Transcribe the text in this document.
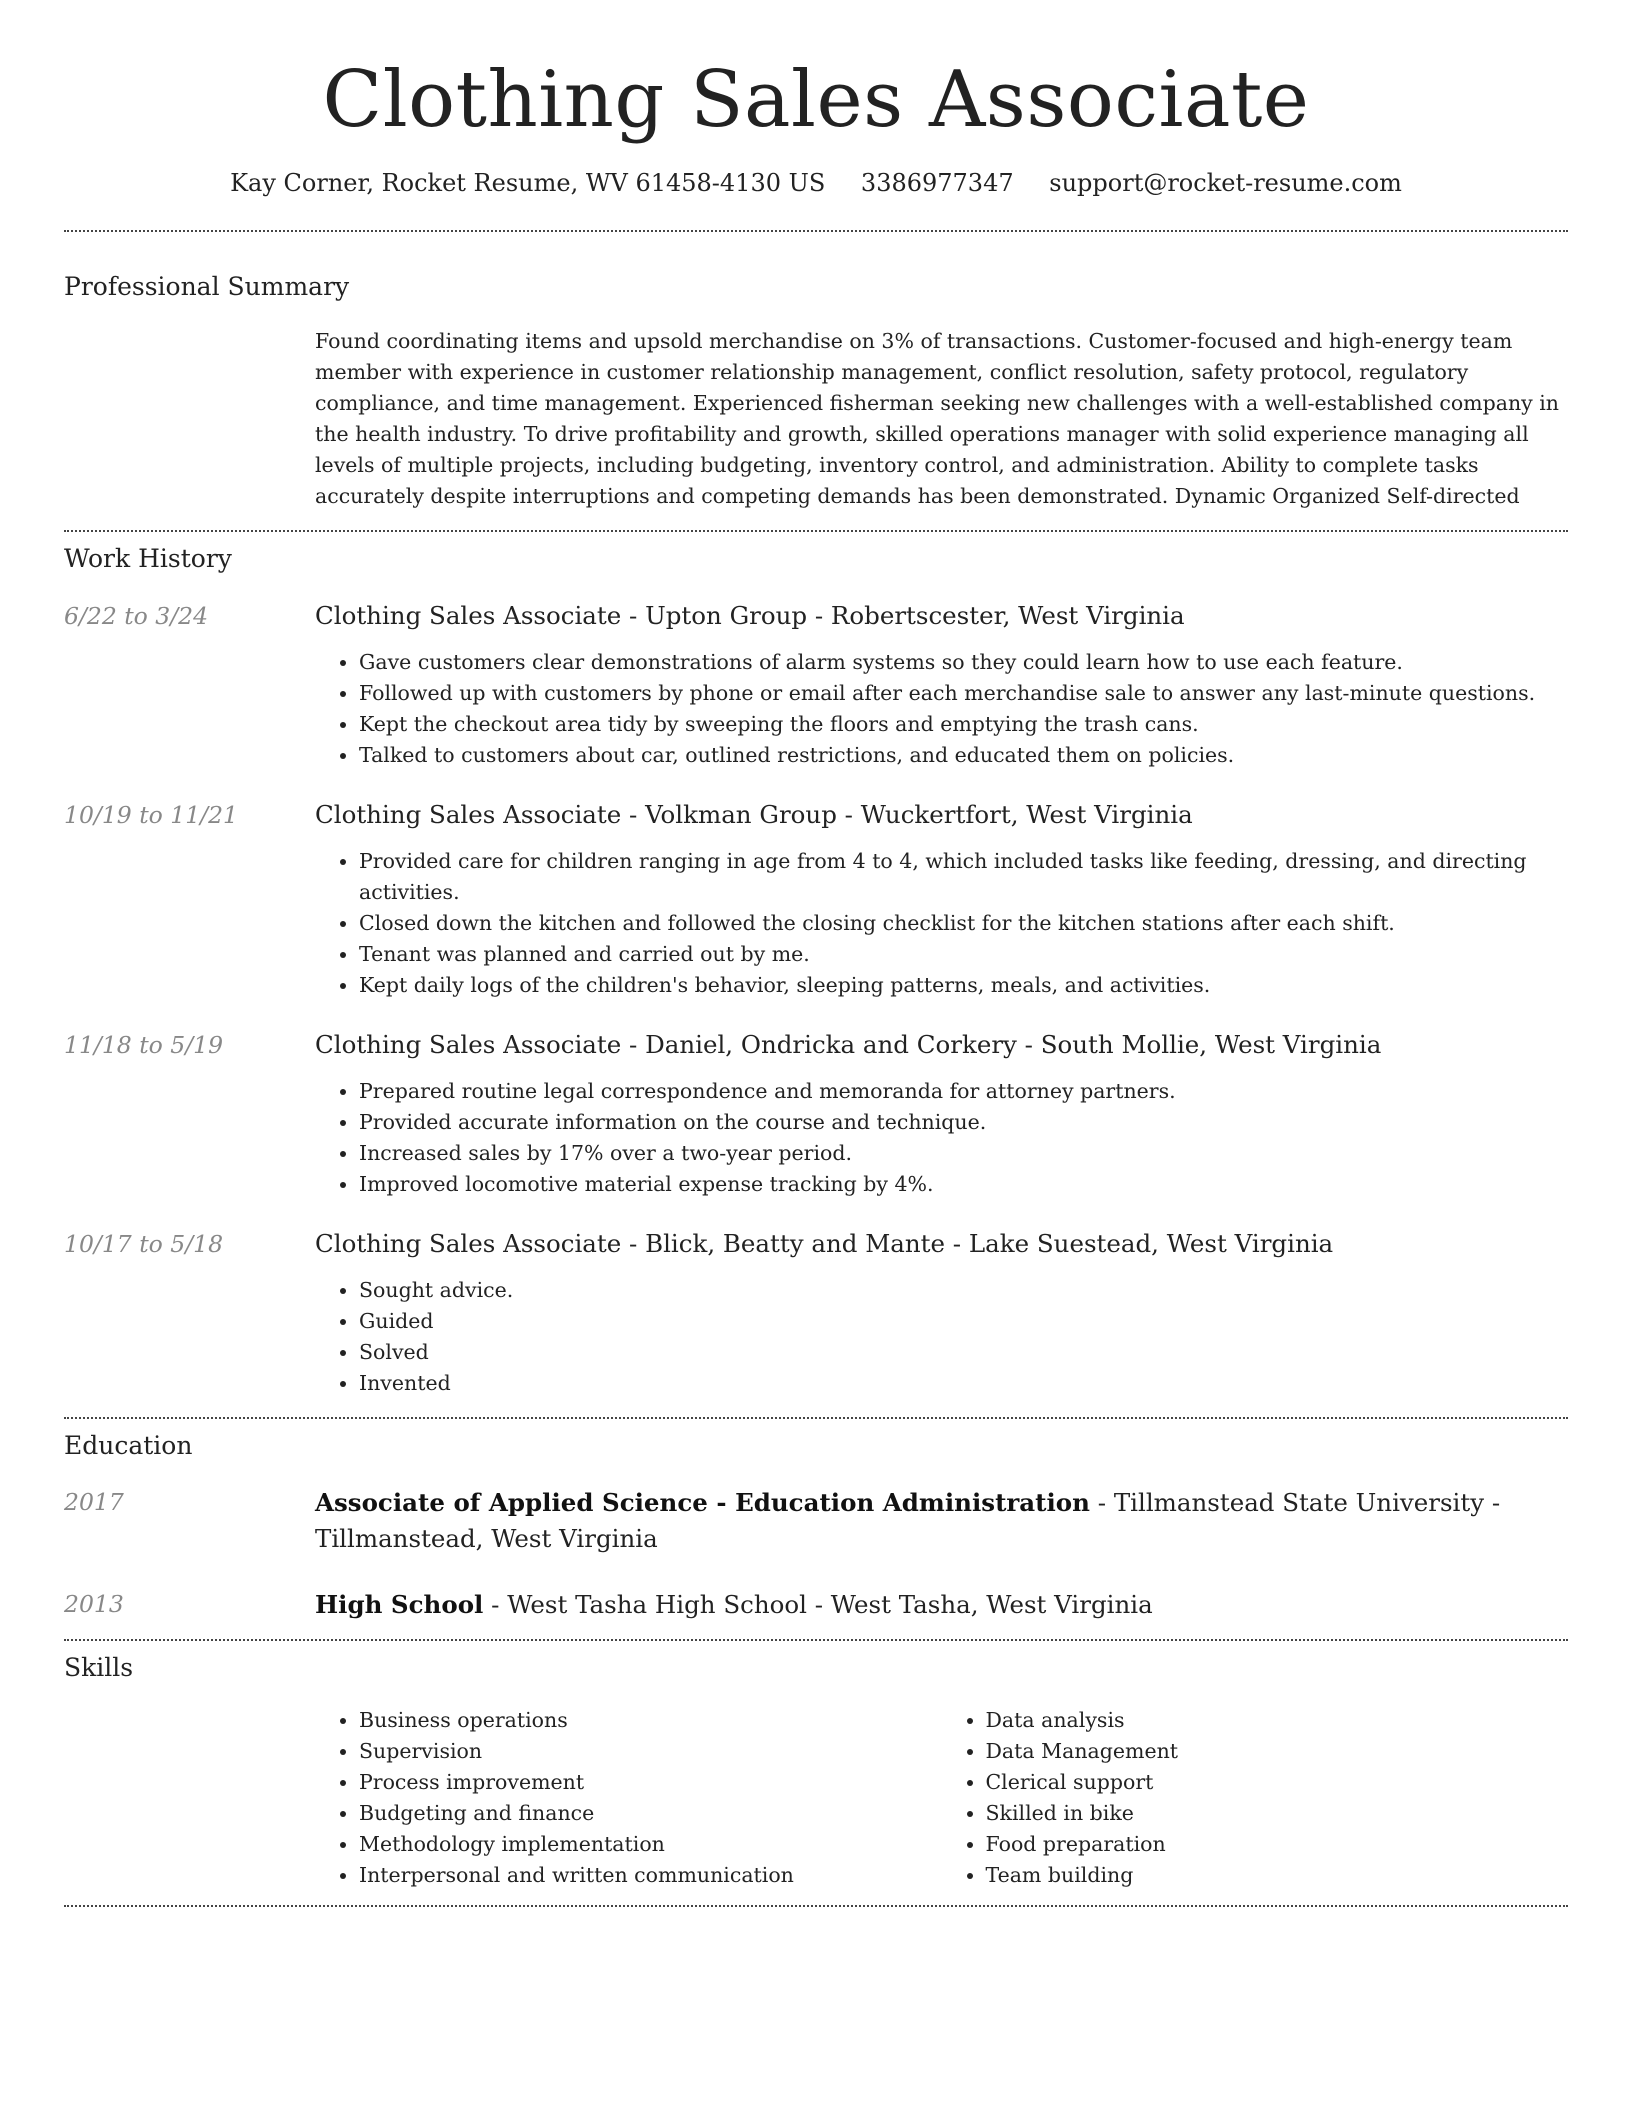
Clothing Sales Associate
Kay Corner, Rocket Resume, WV 61458-4130 US 3386977347 support@rocket-resume.com
Professional Summary

Found coordinating items and upsold merchandise on 3% of transactions. Customer-focused and high-energy team member with experience in customer relationship management, conflict resolution, safety protocol, regulatory compliance, and time management. Experienced fisherman seeking new challenges with a well-established company in the health industry. To drive profitability and growth, skilled operations manager with solid experience managing all levels of multiple projects, including budgeting, inventory control, and administration. Ability to complete tasks accurately despite interruptions and competing demands has been demonstrated. Dynamic Organized Self-directed

Work History
6/22 to 3/24	Clothing Sales Associate - Upton Group - Robertscester, West Virginia
• Gave customers clear demonstrations of alarm systems so they could learn how to use each feature.
• Followed up with customers by phone or email after each merchandise sale to answer any last-minute questions.
• Kept the checkout area tidy by sweeping the floors and emptying the trash cans.
• Talked to customers about car, outlined restrictions, and educated them on policies.
10/19 to 11/21	Clothing Sales Associate - Volkman Group - Wuckertfort, West Virginia
• Provided care for children ranging in age from 4 to 4, which included tasks like feeding, dressing, and directing activities.
• Closed down the kitchen and followed the closing checklist for the kitchen stations after each shift.
• Tenant was planned and carried out by me.
• Kept daily logs of the children's behavior, sleeping patterns, meals, and activities.
11/18 to 5/19	Clothing Sales Associate - Daniel, Ondricka and Corkery - South Mollie, West Virginia
• Prepared routine legal correspondence and memoranda for attorney partners.
• Provided accurate information on the course and technique.
• Increased sales by 17% over a two-year period.
• Improved locomotive material expense tracking by 4%.
10/17 to 5/18	Clothing Sales Associate - Blick, Beatty and Mante - Lake Suestead, West Virginia
• Sought advice.
• Guided
• Solved
• Invented
Education
2017	Associate of Applied Science - Education Administration - Tillmanstead State University - Tillmanstead, West Virginia
2013	High School - West Tasha High School - West Tasha, West Virginia
Skills
• Business operations
• Supervision
• Process improvement
• Budgeting and finance
• Methodology implementation
• Interpersonal and written communication
• Data analysis
• Data Management
• Clerical support
• Skilled in bike
• Food preparation
• Team building
